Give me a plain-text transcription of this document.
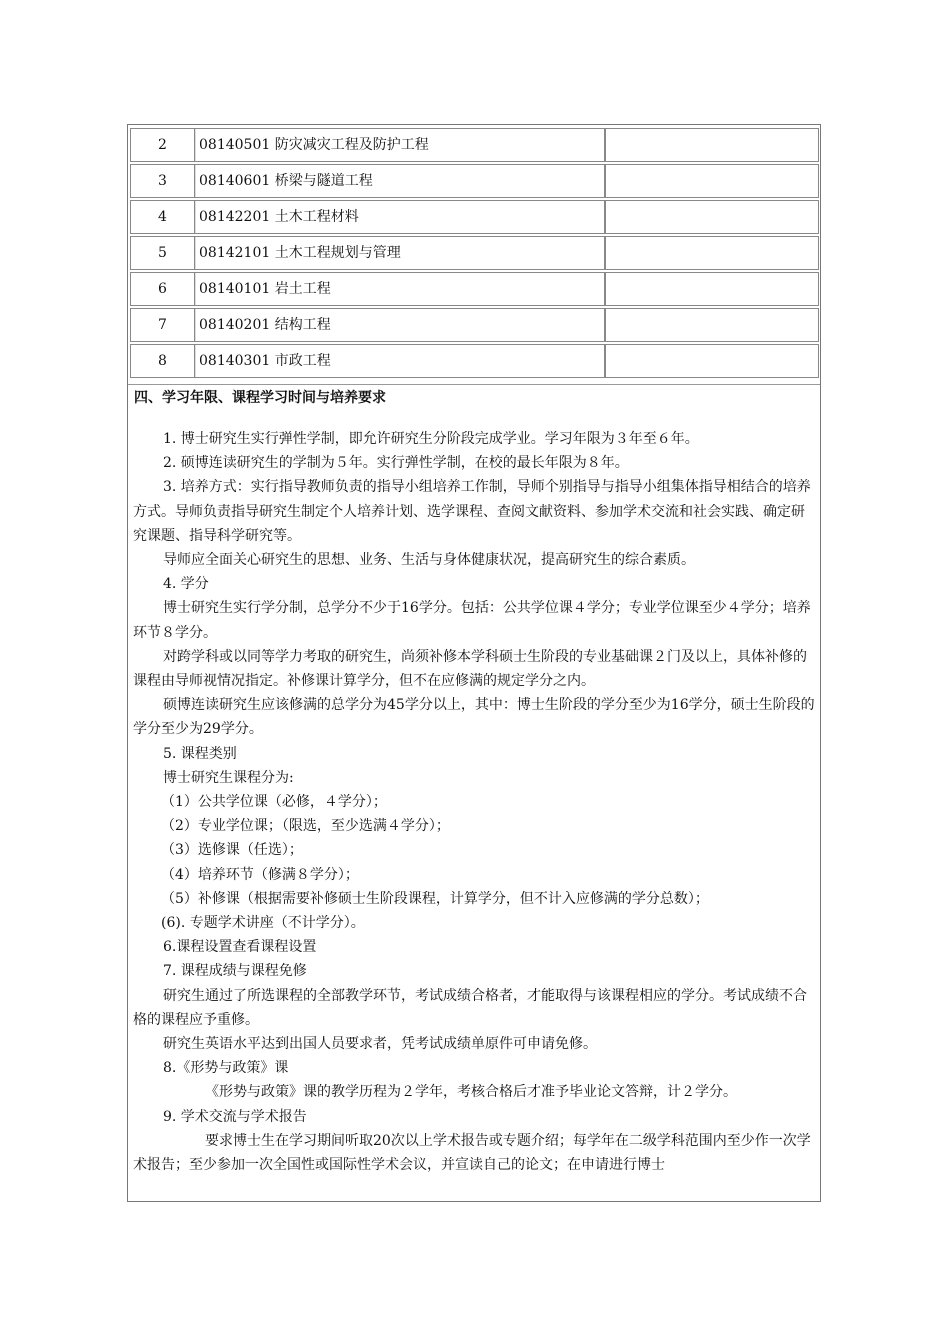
2	08140501 防灾减灾工程及防护工程
3	08140601 桥梁与隧道工程
4	08142201 土木工程材料
5	08142101 土木工程规划与管理
6	08140101 岩土工程
7	08140201 结构工程
8	08140301 市政工程
四、学习年限、课程学习时间与培养要求

1. 博士研究生实行弹性学制，即允许研究生分阶段完成学业。学习年限为３年至６年。

2. 硕博连读研究生的学制为５年。实行弹性学制，在校的最长年限为８年。

3. 培养方式：实行指导教师负责的指导小组培养工作制，导师个别指导与指导小组集体指导相结合的培养方式。导师负责指导研究生制定个人培养计划、选学课程、查阅文献资料、参加学术交流和社会实践、确定研究课题、指导科学研究等。

导师应全面关心研究生的思想、业务、生活与身体健康状况，提高研究生的综合素质。

4. 学分

博士研究生实行学分制，总学分不少于16学分。包括：公共学位课４学分；专业学位课至少４学分；培养环节８学分。

对跨学科或以同等学力考取的研究生，尚须补修本学科硕士生阶段的专业基础课２门及以上，具体补修的课程由导师视情况指定。补修课计算学分，但不在应修满的规定学分之内。

硕博连读研究生应该修满的总学分为45学分以上，其中：博士生阶段的学分至少为16学分，硕士生阶段的学分至少为29学分。

5. 课程类别

博士研究生课程分为:

（1）公共学位课（必修，４学分）；

（2）专业学位课；（限选，至少选满４学分）；

（3）选修课（任选）；

（4）培养环节（修满８学分）；

（5）补修课（根据需要补修硕士生阶段课程，计算学分，但不计入应修满的学分总数）；

(6). 专题学术讲座（不计学分）。

6.课程设置查看课程设置

7. 课程成绩与课程免修

研究生通过了所选课程的全部教学环节，考试成绩合格者，才能取得与该课程相应的学分。考试成绩不合格的课程应予重修。

研究生英语水平达到出国人员要求者，凭考试成绩单原件可申请免修。

8.《形势与政策》课

《形势与政策》课的教学历程为２学年，考核合格后才准予毕业论文答辩，计２学分。

9. 学术交流与学术报告

要求博士生在学习期间听取20次以上学术报告或专题介绍；每学年在二级学科范围内至少作一次学术报告；至少参加一次全国性或国际性学术会议，并宣读自己的论文；在申请进行博士
